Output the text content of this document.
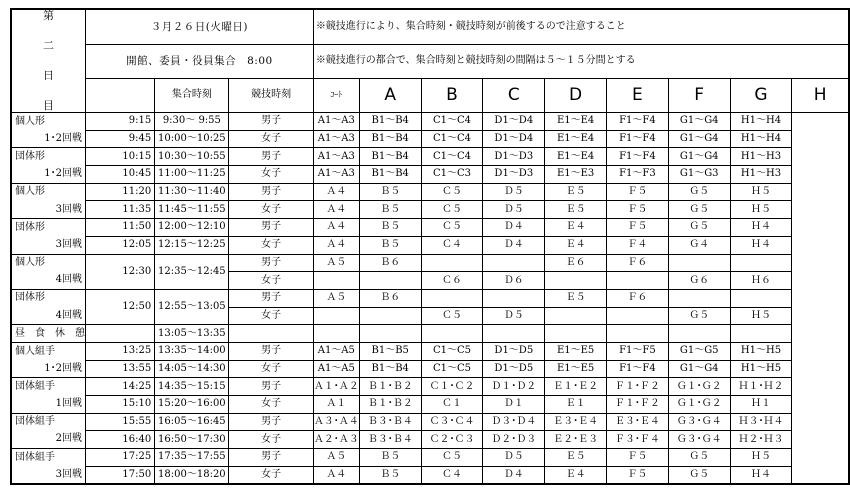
第
二
日
目	３月２６日(火曜日)			※競技進行により、集合時刻・競技時刻が前後するので注意すること								
	開館、委員・役員集合　8:00			※競技進行の都合で、集合時刻と競技時刻の間隔は５～１５分間とする								
		集合時刻	競技時刻	ｺｰﾄ	A	B	C	D	E	F	G	H
個人形	9:15	9:30～ 9:55	男子	A1～A3	B1～B4	C1～C4	D1～D4	E1～E4	F1～F4	G1～G4	H1～H4	
1･2回戦	9:45	10:00～10:25	女子	A1～A3	B1～B4	C1～C4	D1～D4	E1～E4	F1～F4	G1～G4	H1～H4	
団体形	10:15	10:30～10:55	男子	A1～A3	B1～B4	C1～C4	D1～D3	E1～E4	F1～F4	G1～G4	H1～H3	
1･2回戦	10:45	11:00～11:25	女子	A1～A3	B1～B4	C1～C3	D1～D3	E1～E3	F1～F3	G1～G3	H1～H3	
個人形	11:20	11:30～11:40	男子	Ａ４	Ｂ５	Ｃ５	Ｄ５	Ｅ５	Ｆ５	Ｇ５	Ｈ５	
3回戦	11:35	11:45～11:55	女子	Ａ４	Ｂ５	Ｃ５	Ｄ５	Ｅ５	Ｆ５	Ｇ５	Ｈ５	
団体形	11:50	12:00～12:10	男子	Ａ４	Ｂ５	Ｃ５	Ｄ４	Ｅ４	Ｆ５	Ｇ５	Ｈ４	
3回戦	12:05	12:15～12:25	女子	Ａ４	Ｂ５	Ｃ４	Ｄ４	Ｅ４	Ｆ４	Ｇ４	Ｈ４	
個人形	12:30	12:35～12:45	男子	Ａ５	Ｂ６			Ｅ６	Ｆ６			
4回戦			女子			Ｃ６	Ｄ６			Ｇ６	Ｈ６	
団体形	12:50	12:55～13:05	男子	Ａ５	Ｂ６			Ｅ５	Ｆ６			
4回戦			女子			Ｃ５	Ｄ５			Ｇ５	Ｈ５	
昼　食　休　憩		13:05～13:35										
個人組手	13:25	13:35～14:00	男子	A1～A5	B1～B5	C1～C5	D1～D5	E1～E5	F1～F5	G1～G5	H1～H5	
1･2回戦	13:55	14:05～14:30	女子	A1～A5	B1～B4	C1～C5	D1～D5	E1～E5	F1～F4	G1～G4	H1～H5	
団体組手	14:25	14:35～15:15	男子	Ａ１･Ａ２	Ｂ１･Ｂ２	Ｃ１･Ｃ２	Ｄ１･Ｄ２	Ｅ１･Ｅ２	Ｆ１･Ｆ２	Ｇ１･Ｇ２	Ｈ１･Ｈ２	
1回戦	15:10	15:20～16:00	女子	Ａ１	Ｂ１･Ｂ２	Ｃ１	Ｄ１	Ｅ１	Ｆ１･Ｆ２	Ｇ１･Ｇ２	Ｈ１	
団体組手	15:55	16:05～16:45	男子	Ａ３･Ａ４	Ｂ３･Ｂ４	Ｃ３･Ｃ４	Ｄ３･Ｄ４	Ｅ３･Ｅ４	Ｅ３･Ｅ４	Ｇ３･Ｇ４	Ｈ３･Ｈ４	
2回戦	16:40	16:50～17:30	女子	Ａ２･Ａ３	Ｂ３･Ｂ４	Ｃ２･Ｃ３	Ｄ２･Ｄ３	Ｅ２･Ｅ３	Ｆ３･Ｆ４	Ｇ３･Ｇ４	Ｈ２･Ｈ３	
団体組手	17:25	17:35～17:55	男子	Ａ５	Ｂ５	Ｃ５	Ｄ５	Ｅ５	Ｆ５	Ｇ５	Ｈ５	
3回戦	17:50	18:00～18:20	女子	Ａ４	Ｂ５	Ｃ４	Ｄ４	Ｅ４	Ｆ５	Ｇ５	Ｈ４	
